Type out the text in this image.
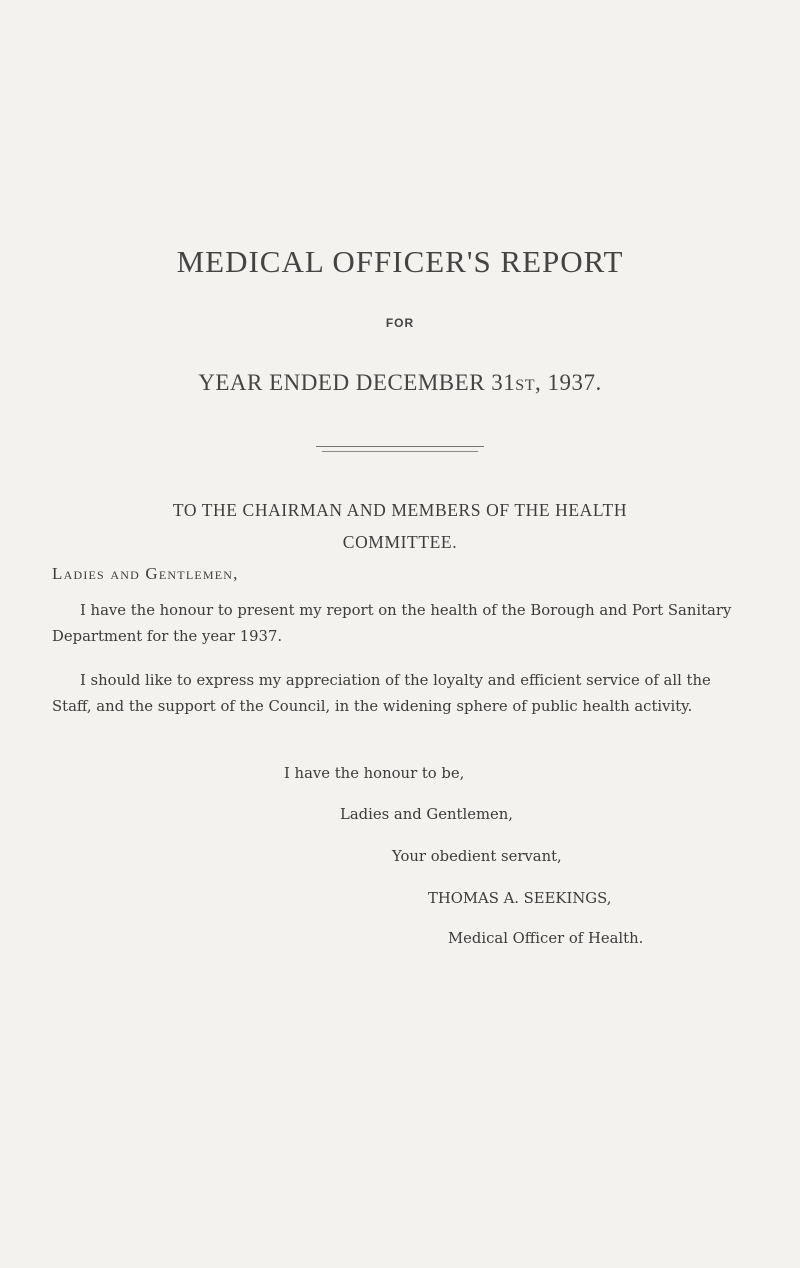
MEDICAL OFFICER'S REPORT
FOR
YEAR ENDED DECEMBER 31ST, 1937.
TO THE CHAIRMAN AND MEMBERS OF THE HEALTH
COMMITTEE.
Ladies and Gentlemen,
I have the honour to present my report on the health of the Borough and Port Sanitary Department for the year 1937.
I should like to express my appreciation of the loyalty and efficient service of all the Staff, and the support of the Council, in the widening sphere of public health activity.
I have the honour to be,
Ladies and Gentlemen,
Your obedient servant,
THOMAS A. SEEKINGS,
Medical Officer of Health.
